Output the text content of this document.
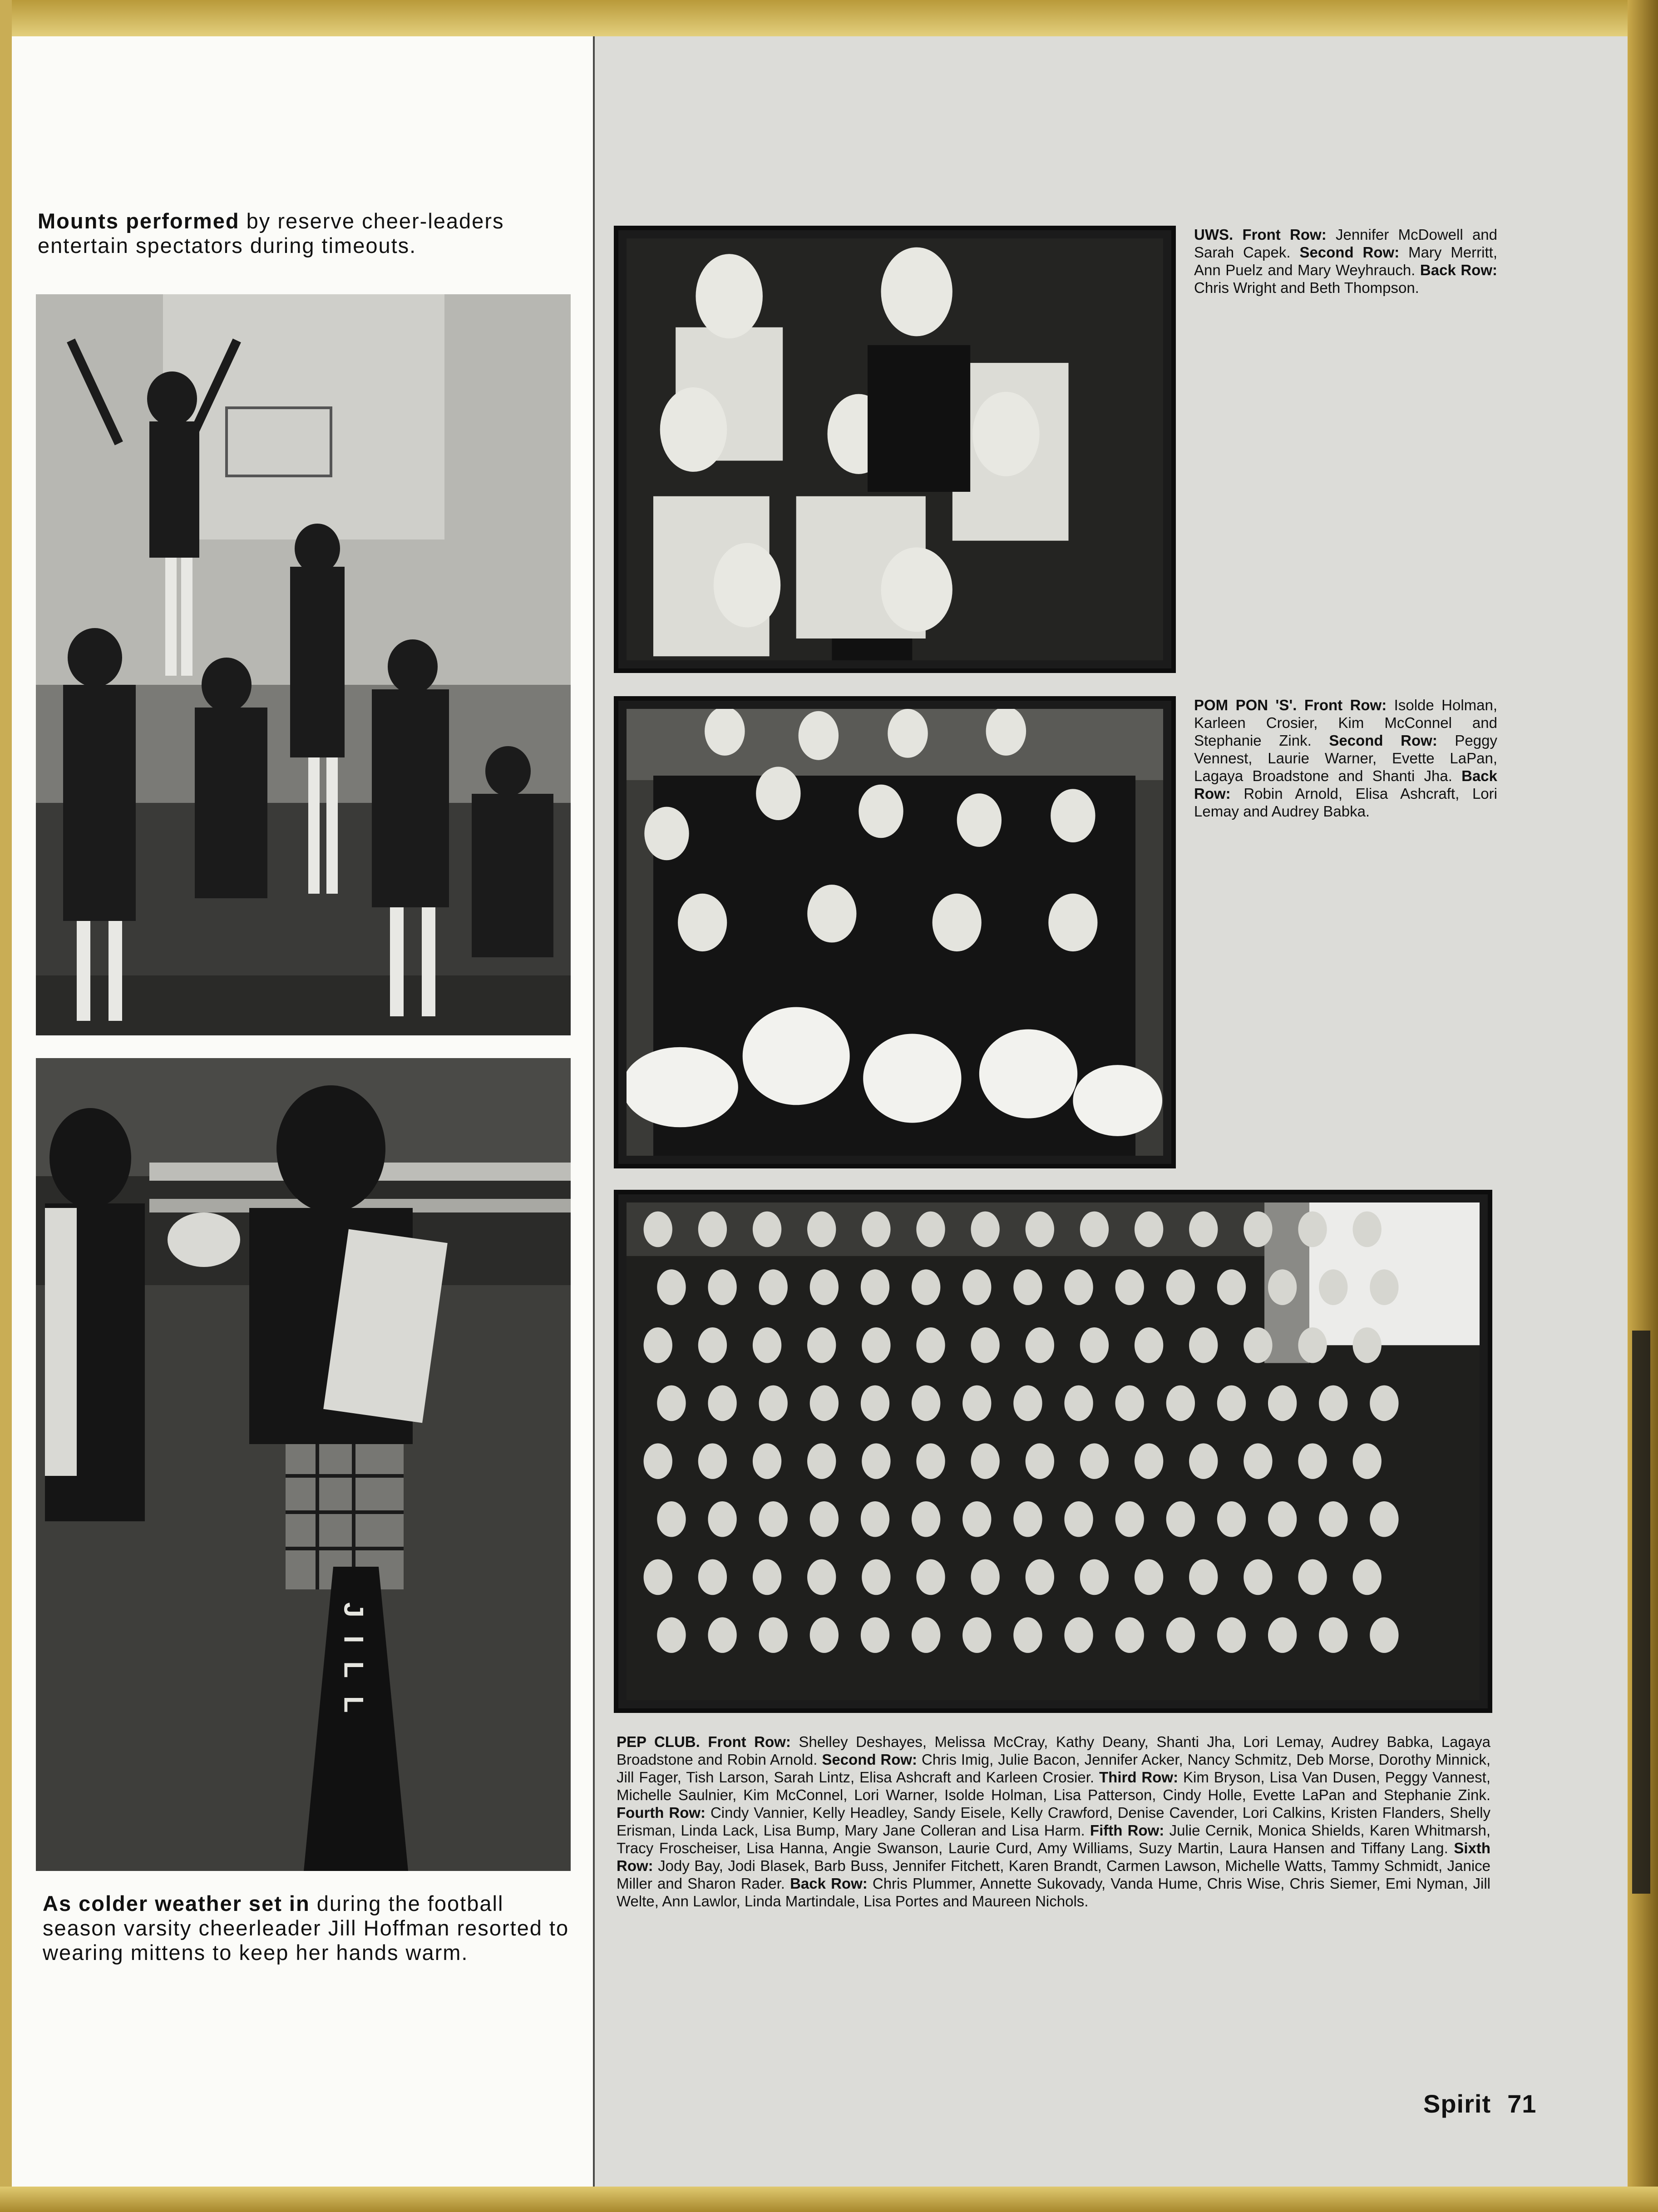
Mounts performed by reserve cheer-leaders entertain spectators during timeouts.
JILL
As colder weather set in during the football season varsity cheerleader Jill Hoffman resorted to wearing mittens to keep her hands warm.
UWS. Front Row: Jennifer McDowell and Sarah Capek. Second Row: Mary Merritt, Ann Puelz and Mary Weyhrauch. Back Row: Chris Wright and Beth Thompson.
POM PON 'S'. Front Row: Isolde Holman, Karleen Crosier, Kim McConnel and Stephanie Zink. Second Row: Peggy Vennest, Laurie Warner, Evette LaPan, Lagaya Broadstone and Shanti Jha. Back Row: Robin Arnold, Elisa Ashcraft, Lori Lemay and Audrey Babka.
PEP CLUB. Front Row: Shelley Deshayes, Melissa McCray, Kathy Deany, Shanti Jha, Lori Lemay, Audrey Babka, Lagaya Broadstone and Robin Arnold. Second Row: Chris Imig, Julie Bacon, Jennifer Acker, Nancy Schmitz, Deb Morse, Dorothy Minnick, Jill Fager, Tish Larson, Sarah Lintz, Elisa Ashcraft and Karleen Crosier. Third Row: Kim Bryson, Lisa Van Dusen, Peggy Vannest, Michelle Saulnier, Kim McConnel, Lori Warner, Isolde Holman, Lisa Patterson, Cindy Holle, Evette LaPan and Stephanie Zink. Fourth Row: Cindy Vannier, Kelly Headley, Sandy Eisele, Kelly Crawford, Denise Cavender, Lori Calkins, Kristen Flanders, Shelly Erisman, Linda Lack, Lisa Bump, Mary Jane Colleran and Lisa Harm. Fifth Row: Julie Cernik, Monica Shields, Karen Whitmarsh, Tracy Froscheiser, Lisa Hanna, Angie Swanson, Laurie Curd, Amy Williams, Suzy Martin, Laura Hansen and Tiffany Lang. Sixth Row: Jody Bay, Jodi Blasek, Barb Buss, Jennifer Fitchett, Karen Brandt, Carmen Lawson, Michelle Watts, Tammy Schmidt, Janice Miller and Sharon Rader. Back Row: Chris Plummer, Annette Sukovady, Vanda Hume, Chris Wise, Chris Siemer, Emi Nyman, Jill Welte, Ann Lawlor, Linda Martindale, Lisa Portes and Maureen Nichols.
Spirit 71
